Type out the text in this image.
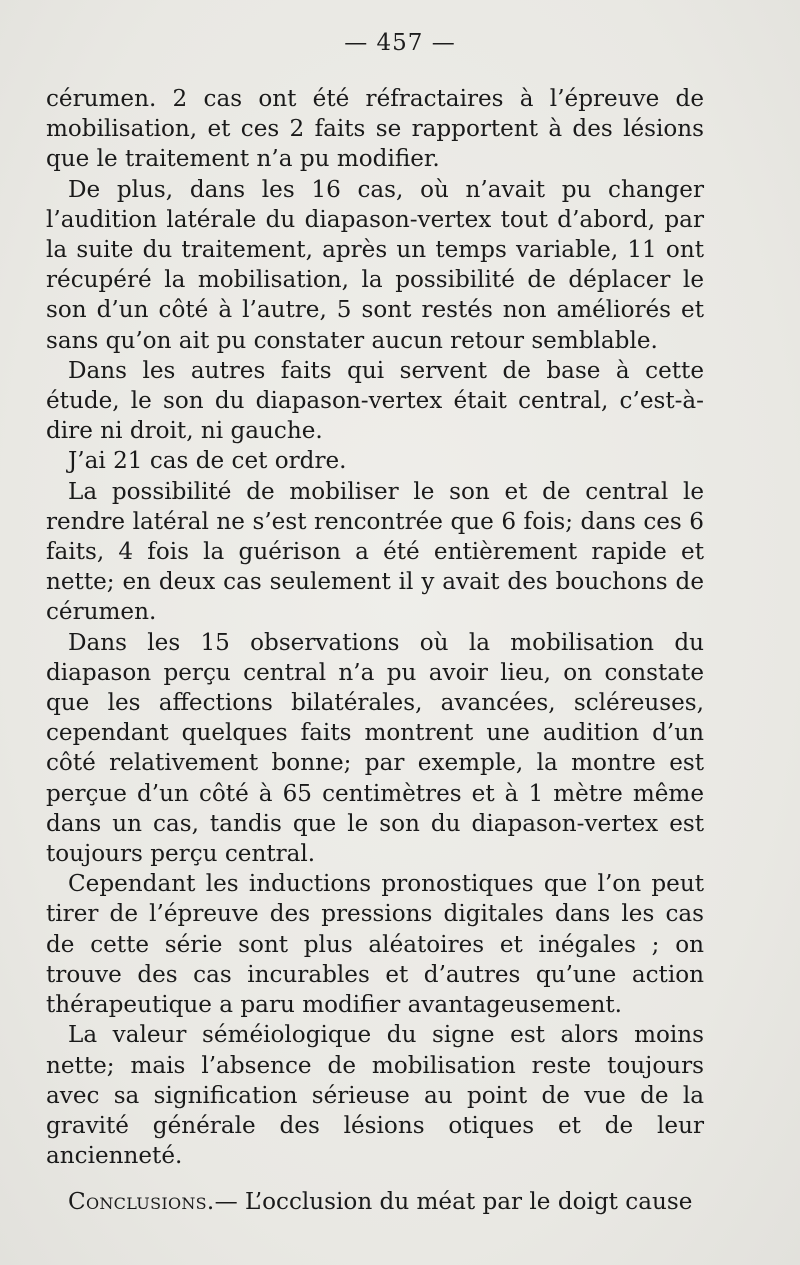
— 457 —

cérumen. 2 cas ont été réfractaires à l’épreuve de mobilisation, et ces 2 faits se rapportent à des lésions que le traitement n’a pu modifier.

De plus, dans les 16 cas, où n’avait pu changer l’audition latérale du diapason-vertex tout d’abord, par la suite du traitement, après un temps variable, 11 ont récupéré la mobilisation, la possibilité de déplacer le son d’un côté à l’autre, 5 sont restés non améliorés et sans qu’on ait pu constater aucun retour semblable.

Dans les autres faits qui servent de base à cette étude, le son du diapason-vertex était central, c’est-à-dire ni droit, ni gauche.

J’ai 21 cas de cet ordre.

La possibilité de mobiliser le son et de central le rendre latéral ne s’est rencontrée que 6 fois; dans ces 6 faits, 4 fois la guérison a été entièrement rapide et nette; en deux cas seulement il y avait des bouchons de cérumen.

Dans les 15 observations où la mobilisation du diapason perçu central n’a pu avoir lieu, on constate que les affections bilatérales, avancées, scléreuses, cependant quelques faits montrent une audition d’un côté relativement bonne; par exemple, la montre est perçue d’un côté à 65 centimètres et à 1 mètre même dans un cas, tandis que le son du diapason-vertex est toujours perçu central.

Cependant les inductions pronostiques que l’on peut tirer de l’épreuve des pressions digitales dans les cas de cette série sont plus aléatoires et inégales ; on trouve des cas incurables et d’autres qu’une action thérapeutique a paru modifier avantageusement.

La valeur séméiologique du signe est alors moins nette; mais l’absence de mobilisation reste toujours avec sa signification sérieuse au point de vue de la gravité générale des lésions otiques et de leur ancienneté.

Conclusions.— L’occlusion du méat par le doigt cause
